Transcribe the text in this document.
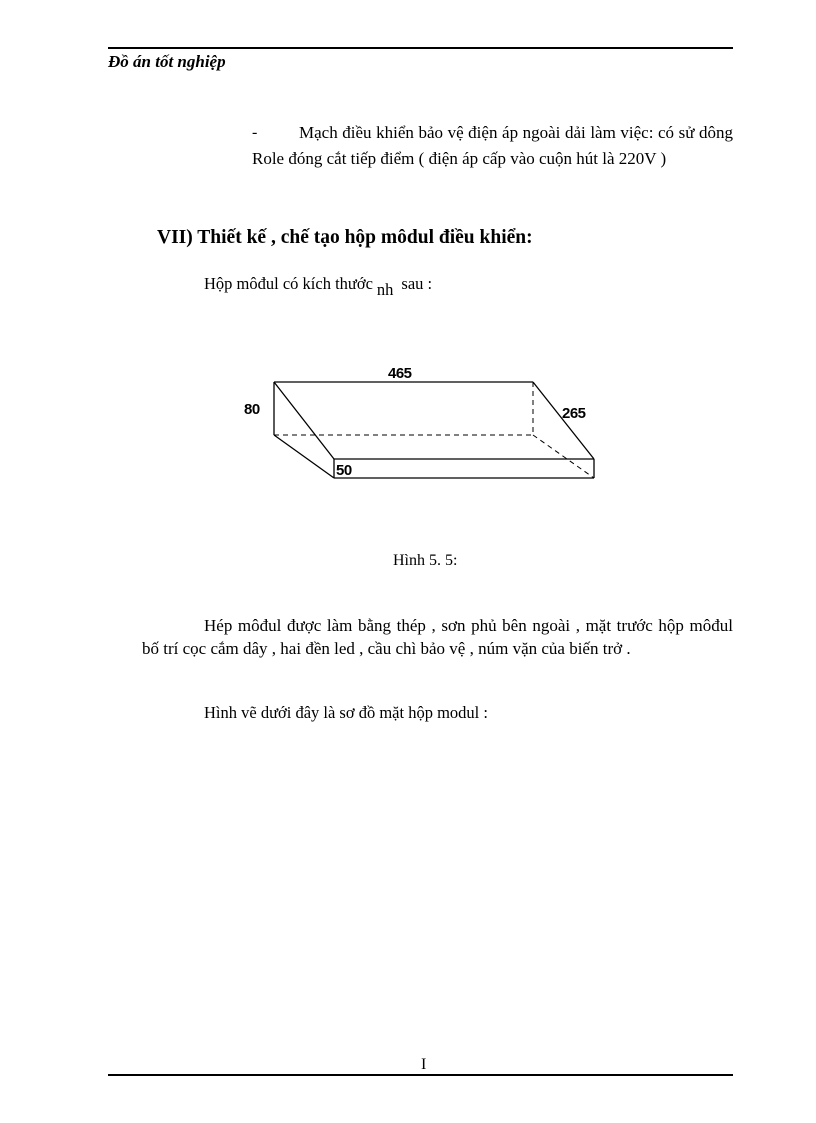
Đồ án tốt nghiệp
-	Mạch điều khiển bảo vệ điện áp ngoài dải làm việc: có sử dông Role đóng cắt tiếp điểm ( điện áp cấp vào cuộn hút là 220V )
VII) Thiết kế , chế tạo hộp môdul điều khiển:
Hộp môđul có kích thước nh sau :
465
80	265
50
Hình 5. 5:
Hép môđul được làm bằng thép , sơn phủ bên ngoài , mặt trước hộp môđul bố trí cọc cắm dây , hai đền led , cầu chì bảo vệ , núm vặn của biến trở .
Hình vẽ dưới đây là sơ đồ mặt hộp modul :
I
